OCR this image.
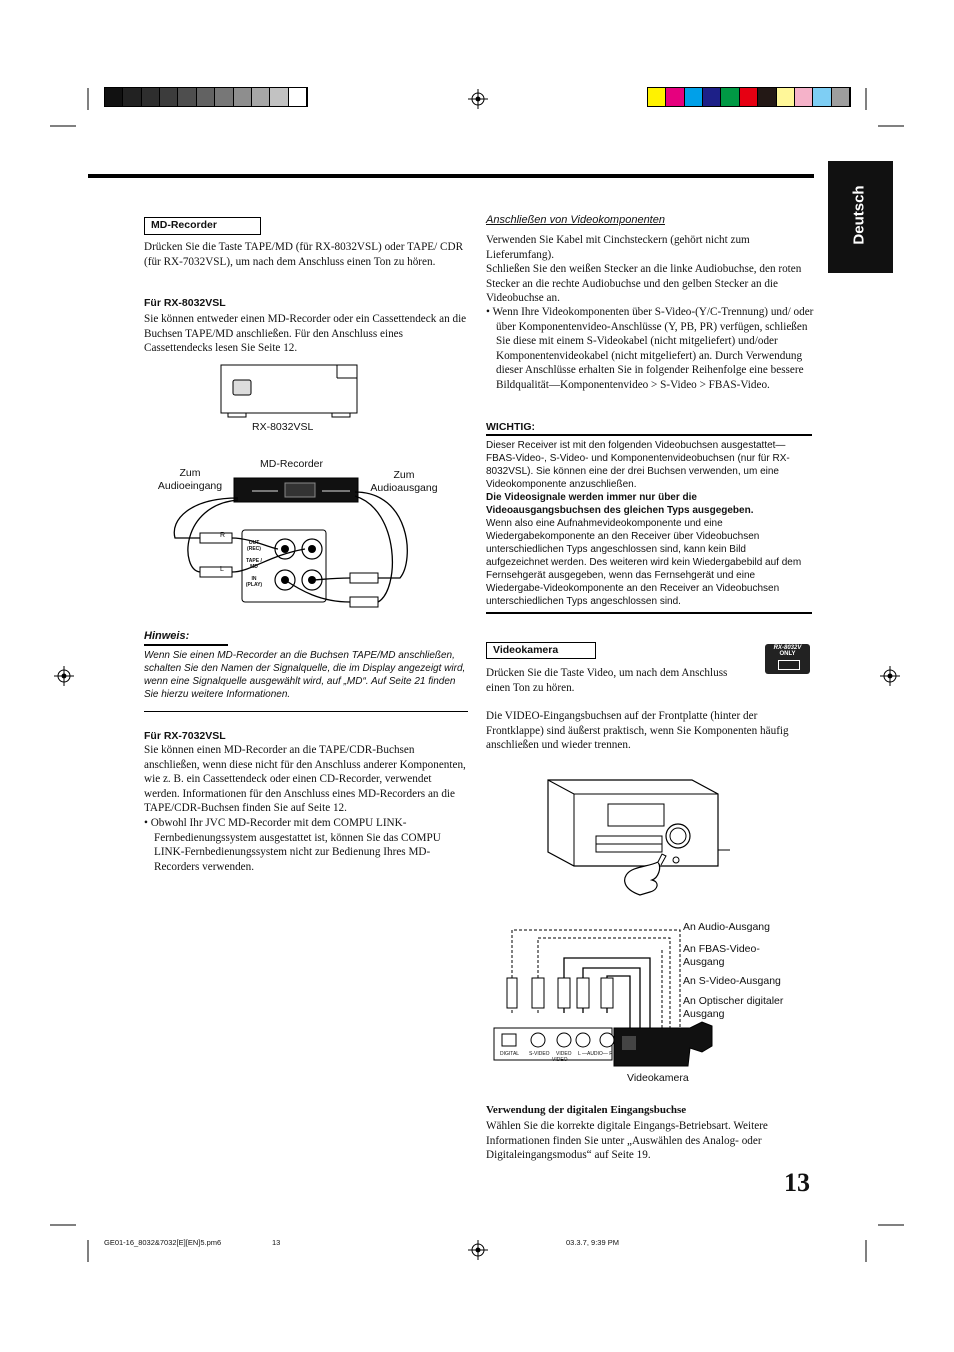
Deutsch
MD-Recorder
Drücken Sie die Taste TAPE/MD (für RX-8032VSL) oder TAPE/ CDR (für RX-7032VSL), um nach dem Anschluss einen Ton zu hören.
Für RX-8032VSL
Sie können entweder einen MD-Recorder oder ein Cassettendeck an die Buchsen TAPE/MD anschließen. Für den Anschluss eines Cassettendecks lesen Sie Seite 12.
R
L
OUT (REC)
TAPE / MD
IN (PLAY)
RX-8032VSL
MD-Recorder
Zum Audioeingang
Zum Audioausgang
Hinweis:
Wenn Sie einen MD-Recorder an die Buchsen TAPE/MD anschließen, schalten Sie den Namen der Signalquelle, die im Display angezeigt wird, wenn eine Signalquelle ausgewählt wird, auf „MD“. Auf Seite 21 finden Sie hierzu weitere Informationen.
Für RX-7032VSL
Sie können einen MD-Recorder an die TAPE/CDR-Buchsen anschließen, wenn diese nicht für den Anschluss anderer Komponenten, wie z. B. ein Cassettendeck oder einen CD-Recorder, verwendet werden. Informationen für den Anschluss eines MD-Recorders an die TAPE/CDR-Buchsen finden Sie auf Seite 12.
• Obwohl Ihr JVC MD-Recorder mit dem COMPU LINK-Fernbedienungssystem ausgestattet ist, können Sie das COMPU LINK-Fernbedienungssystem nicht zur Bedienung Ihres MD-Recorders verwenden.
Anschließen von Videokomponenten
Verwenden Sie Kabel mit Cinchsteckern (gehört nicht zum Lieferumfang).
Schließen Sie den weißen Stecker an die linke Audiobuchse, den roten Stecker an die rechte Audiobuchse und den gelben Stecker an die Videobuchse an.
• Wenn Ihre Videokomponenten über S-Video-(Y/C-Trennung) und/ oder über Komponentenvideo-Anschlüsse (Y, PB, PR) verfügen, schließen Sie diese mit einem S-Videokabel (nicht mitgeliefert) und/oder Komponentenvideokabel (nicht mitgeliefert) an. Durch Verwendung dieser Anschlüsse erhalten Sie in folgender Reihenfolge eine bessere Bildqualität—Komponentenvideo > S-Video > FBAS-Video.
WICHTIG:
Dieser Receiver ist mit den folgenden Videobuchsen ausgestattet—FBAS-Video-, S-Video- und Komponentenvideobuchsen (nur für RX-8032VSL). Sie können eine der drei Buchsen verwenden, um eine Videokomponente anzuschließen.
Die Videosignale werden immer nur über die Videoausgangsbuchsen des gleichen Typs ausgegeben.
Wenn also eine Aufnahmevideokomponente und eine Wiedergabekomponente an den Receiver über Videobuchsen unterschiedlichen Typs angeschlossen sind, kann kein Bild aufgezeichnet werden. Des weiteren wird kein Wiedergabebild auf dem Fernsehgerät ausgegeben, wenn das Fernsehgerät und eine Wiedergabe-Videokomponente an den Receiver an Videobuchsen unterschiedlichen Typs angeschlossen sind.
Videokamera	RX-8032V
ONLY
Drücken Sie die Taste Video, um nach dem Anschluss einen Ton zu hören.
Die VIDEO-Eingangsbuchsen auf der Frontplatte (hinter der Frontklappe) sind äußerst praktisch, wenn Sie Komponenten häufig anschließen und wieder trennen.
DIGITAL S-VIDEO VIDEO L —AUDIO— R
VIDEO
An Audio-Ausgang
An FBAS-Video- Ausgang
An S-Video-Ausgang
An Optischer digitaler Ausgang
Videokamera
Verwendung der digitalen Eingangsbuchse
Wählen Sie die korrekte digitale Eingangs-Betriebsart. Weitere Informationen finden Sie unter „Auswählen des Analog- oder Digitaleingangsmodus“ auf Seite 19.
13
GE01-16_8032&7032[E][EN]5.pm6	13	03.3.7, 9:39 PM
